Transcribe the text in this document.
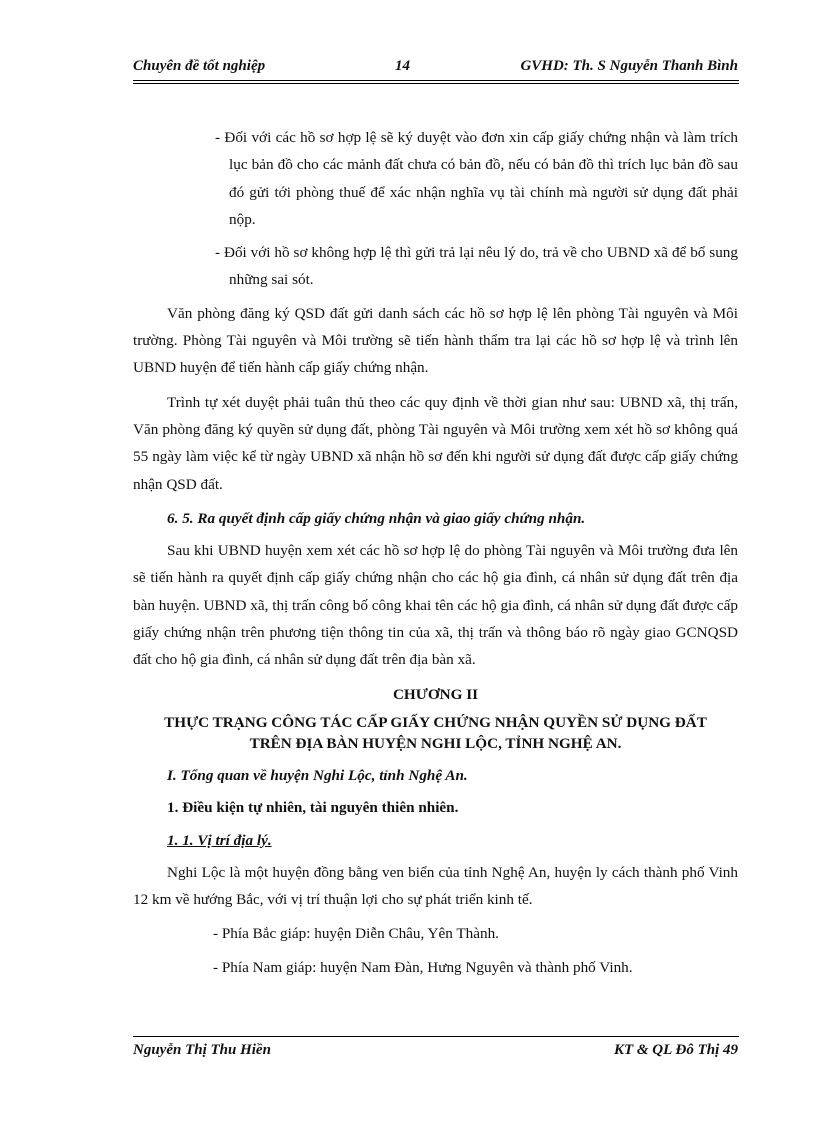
Chuyên đề tốt nghiệp	14	GVHD: Th. S Nguyễn Thanh Bình

- Đối với các hồ sơ hợp lệ sẽ ký duyệt vào đơn xin cấp giấy chứng nhận và làm trích lục bản đồ cho các mảnh đất chưa có bản đồ, nếu có bản đồ thì trích lục bản đồ sau đó gửi tới phòng thuế để xác nhận nghĩa vụ tài chính mà người sử dụng đất phải nộp.

- Đối với hồ sơ không hợp lệ thì gửi trả lại nêu lý do, trả về cho UBND xã để bổ sung những sai sót.

Văn phòng đăng ký QSD đất gửi danh sách các hồ sơ hợp lệ lên phòng Tài nguyên và Môi trường. Phòng Tài nguyên và Môi trường sẽ tiến hành thẩm tra lại các hồ sơ hợp lệ và trình lên UBND huyện để tiến hành cấp giấy chứng nhận.

Trình tự xét duyệt phải tuân thủ theo các quy định về thời gian như sau: UBND xã, thị trấn, Văn phòng đăng ký quyền sử dụng đất, phòng Tài nguyên và Môi trường xem xét hồ sơ không quá 55 ngày làm việc kể từ ngày UBND xã nhận hồ sơ đến khi người sử dụng đất được cấp giấy chứng nhận QSD đất.

6. 5. Ra quyết định cấp giấy chứng nhận và giao giấy chứng nhận.

Sau khi UBND huyện xem xét các hồ sơ hợp lệ do phòng Tài nguyên và Môi trường đưa lên sẽ tiến hành ra quyết định cấp giấy chứng nhận cho các hộ gia đình, cá nhân sử dụng đất trên địa bàn huyện. UBND xã, thị trấn công bố công khai tên các hộ gia đình, cá nhân sử dụng đất được cấp giấy chứng nhận trên phương tiện thông tin của xã, thị trấn và thông báo rõ ngày giao GCNQSD đất cho hộ gia đình, cá nhân sử dụng đất trên địa bàn xã.

CHƯƠNG II

THỰC TRẠNG CÔNG TÁC CẤP GIẤY CHỨNG NHẬN QUYỀN SỬ DỤNG ĐẤT TRÊN ĐỊA BÀN HUYỆN NGHI LỘC, TỈNH NGHỆ AN.

I. Tổng quan về huyện Nghi Lộc, tỉnh Nghệ An.

1. Điều kiện tự nhiên, tài nguyên thiên nhiên.

1. 1. Vị trí địa lý.

Nghi Lộc là một huyện đồng bằng ven biển của tỉnh Nghệ An, huyện ly cách thành phố Vinh 12 km về hướng Bắc, với vị trí thuận lợi cho sự phát triển kinh tế.

- Phía Bắc giáp: huyện Diễn Châu, Yên Thành.

- Phía Nam giáp: huyện Nam Đàn, Hưng Nguyên và thành phố Vinh.

Nguyễn Thị Thu Hiền	KT & QL Đô Thị 49
